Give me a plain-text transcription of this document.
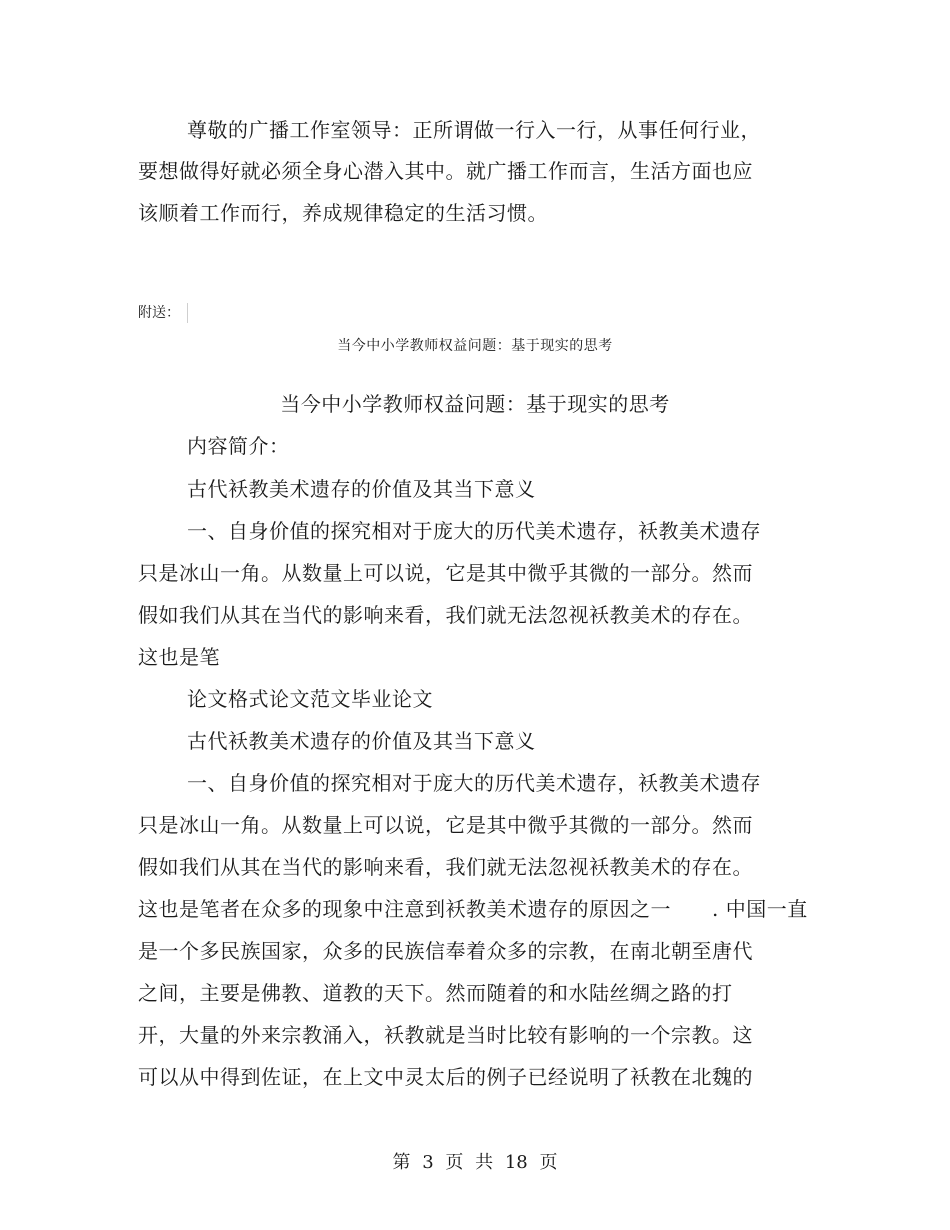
尊敬的广播工作室领导：正所谓做一行入一行，从事任何行业，
要想做得好就必须全身心潜入其中。就广播工作而言，生活方面也应
该顺着工作而行，养成规律稳定的生活习惯。
附送：
当今中小学教师权益问题：基于现实的思考
当今中小学教师权益问题：基于现实的思考
内容简介：
古代袄教美术遗存的价值及其当下意义
一、自身价值的探究相对于庞大的历代美术遗存，袄教美术遗存
只是冰山一角。从数量上可以说，它是其中微乎其微的一部分。然而
假如我们从其在当代的影响来看，我们就无法忽视袄教美术的存在。
这也是笔
论文格式论文范文毕业论文
古代袄教美术遗存的价值及其当下意义
一、自身价值的探究相对于庞大的历代美术遗存，袄教美术遗存
只是冰山一角。从数量上可以说，它是其中微乎其微的一部分。然而
假如我们从其在当代的影响来看，我们就无法忽视袄教美术的存在。
这也是笔者在众多的现象中注意到袄教美术遗存的原因之一　　. 中国一直
是一个多民族国家，众多的民族信奉着众多的宗教，在南北朝至唐代
之间，主要是佛教、道教的天下。然而随着的和水陆丝绸之路的打
开，大量的外来宗教涌入，袄教就是当时比较有影响的一个宗教。这
可以从中得到佐证，在上文中灵太后的例子已经说明了袄教在北魏的
第 3 页 共 18 页
